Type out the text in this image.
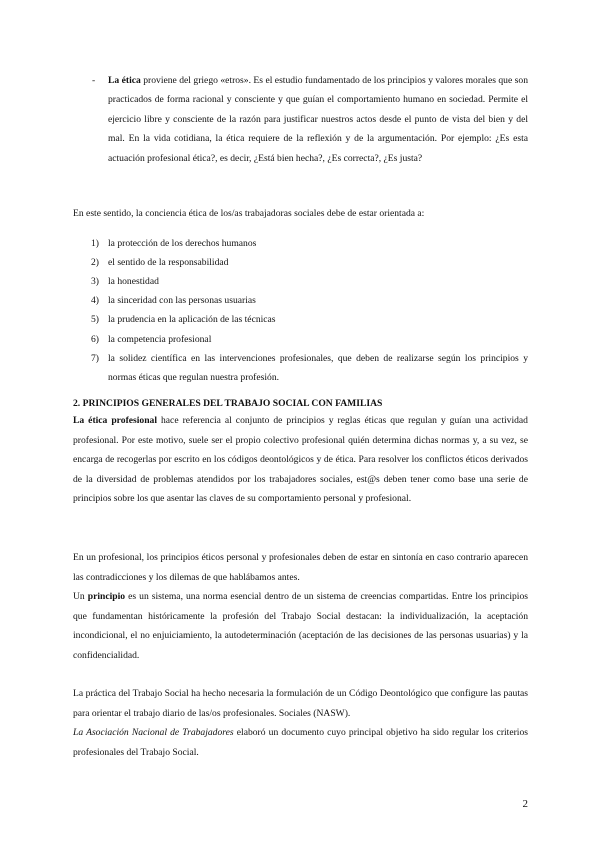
-	La ética proviene del griego «etros». Es el estudio fundamentado de los principios y valores morales que son practicados de forma racional y consciente y que guían el comportamiento humano en sociedad. Permite el ejercicio libre y consciente de la razón para justificar nuestros actos desde el punto de vista del bien y del mal. En la vida cotidiana, la ética requiere de la reflexión y de la argumentación. Por ejemplo: ¿Es esta actuación profesional ética?, es decir, ¿Está bien hecha?, ¿Es correcta?, ¿Es justa?

En este sentido, la conciencia ética de los/as trabajadoras sociales debe de estar orientada a:

1) la protección de los derechos humanos
2) el sentido de la responsabilidad
3) la honestidad
4) la sinceridad con las personas usuarias
5) la prudencia en la aplicación de las técnicas
6) la competencia profesional
7) la solidez científica en las intervenciones profesionales, que deben de realizarse según los principios y normas éticas que regulan nuestra profesión.
2. PRINCIPIOS GENERALES DEL TRABAJO SOCIAL CON FAMILIAS

La ética profesional hace referencia al conjunto de principios y reglas éticas que regulan y guían una actividad profesional. Por este motivo, suele ser el propio colectivo profesional quién determina dichas normas y, a su vez, se encarga de recogerlas por escrito en los códigos deontológicos y de ética. Para resolver los conflictos éticos derivados de la diversidad de problemas atendidos por los trabajadores sociales, est@s deben tener como base una serie de principios sobre los que asentar las claves de su comportamiento personal y profesional.

En un profesional, los principios éticos personal y profesionales deben de estar en sintonía en caso contrario aparecen las contradicciones y los dilemas de que hablábamos antes.

Un principio es un sistema, una norma esencial dentro de un sistema de creencias compartidas. Entre los principios que fundamentan históricamente la profesión del Trabajo Social destacan: la individualización, la aceptación incondicional, el no enjuiciamiento, la autodeterminación (aceptación de las decisiones de las personas usuarias) y la confidencialidad.

La práctica del Trabajo Social ha hecho necesaria la formulación de un Código Deontológico que configure las pautas para orientar el trabajo diario de las/os profesionales. Sociales (NASW).

La Asociación Nacional de Trabajadores elaboró un documento cuyo principal objetivo ha sido regular los criterios profesionales del Trabajo Social.

2
